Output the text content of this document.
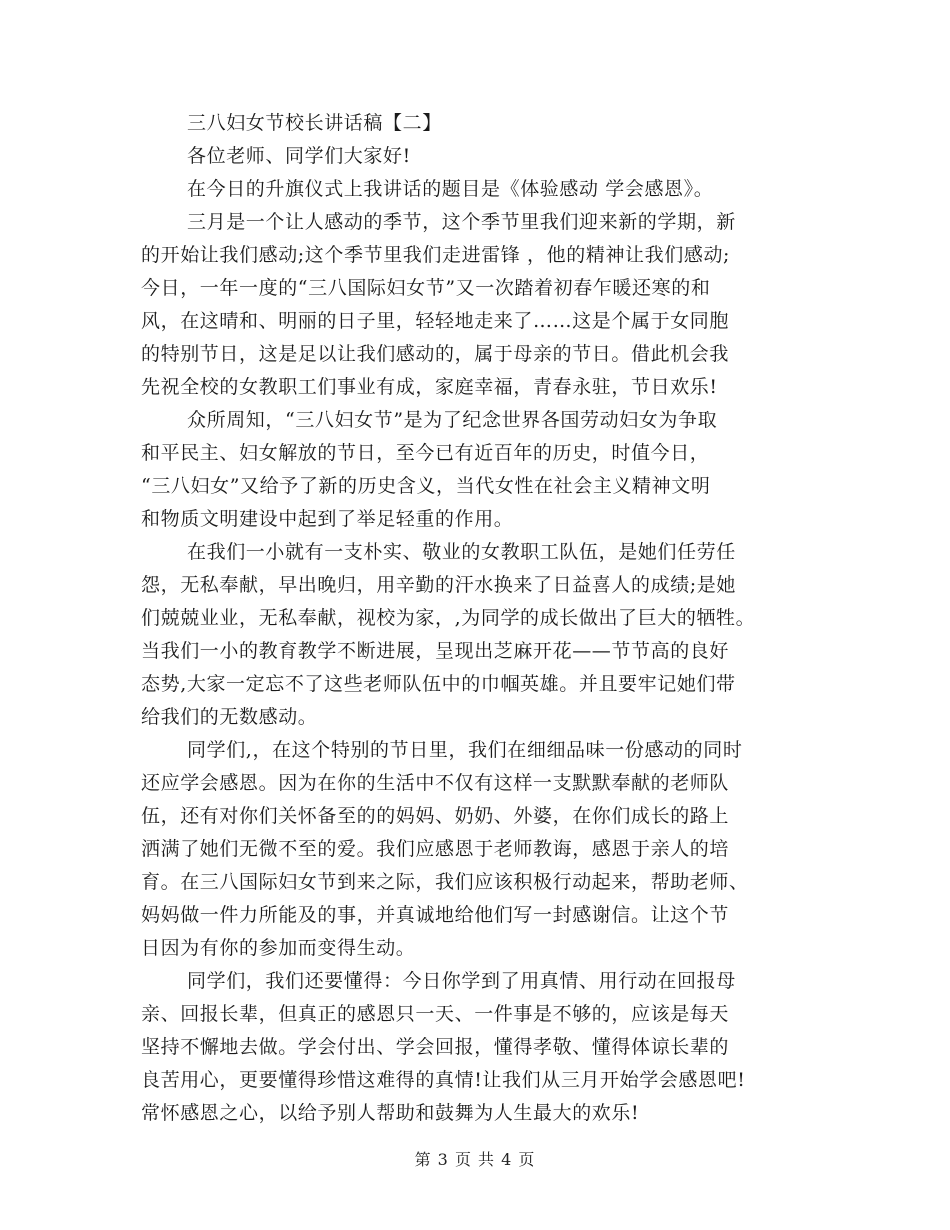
三八妇女节校长讲话稿【二】
各位老师、同学们大家好!
在今日的升旗仪式上我讲话的题目是《体验感动 学会感恩》。
三月是一个让人感动的季节，这个季节里我们迎来新的学期，新
的开始让我们感动;这个季节里我们走进雷锋 ，他的精神让我们感动;
今日，一年一度的“三八国际妇女节”又一次踏着初春乍暖还寒的和
风，在这晴和、明丽的日子里，轻轻地走来了……这是个属于女同胞
的特别节日，这是足以让我们感动的，属于母亲的节日。借此机会我
先祝全校的女教职工们事业有成，家庭幸福，青春永驻，节日欢乐!
众所周知，“三八妇女节”是为了纪念世界各国劳动妇女为争取
和平民主、妇女解放的节日，至今已有近百年的历史，时值今日，
“三八妇女”又给予了新的历史含义，当代女性在社会主义精神文明
和物质文明建设中起到了举足轻重的作用。
在我们一小就有一支朴实、敬业的女教职工队伍，是她们任劳任
怨，无私奉献，早出晚归，用辛勤的汗水换来了日益喜人的成绩;是她
们兢兢业业，无私奉献，视校为家，,为同学的成长做出了巨大的牺牲。
当我们一小的教育教学不断进展，呈现出芝麻开花——节节高的良好
态势,大家一定忘不了这些老师队伍中的巾帼英雄。并且要牢记她们带
给我们的无数感动。
同学们,，在这个特别的节日里，我们在细细品味一份感动的同时
还应学会感恩。因为在你的生活中不仅有这样一支默默奉献的老师队
伍，还有对你们关怀备至的的妈妈、奶奶、外婆，在你们成长的路上
洒满了她们无微不至的爱。我们应感恩于老师教诲，感恩于亲人的培
育。在三八国际妇女节到来之际，我们应该积极行动起来，帮助老师、
妈妈做一件力所能及的事，并真诚地给他们写一封感谢信。让这个节
日因为有你的参加而变得生动。
同学们，我们还要懂得：今日你学到了用真情、用行动在回报母
亲、回报长辈，但真正的感恩只一天、一件事是不够的，应该是每天
坚持不懈地去做。学会付出、学会回报，懂得孝敬、懂得体谅长辈的
良苦用心，更要懂得珍惜这难得的真情!让我们从三月开始学会感恩吧!
常怀感恩之心，以给予别人帮助和鼓舞为人生最大的欢乐!
第 3 页 共 4 页
